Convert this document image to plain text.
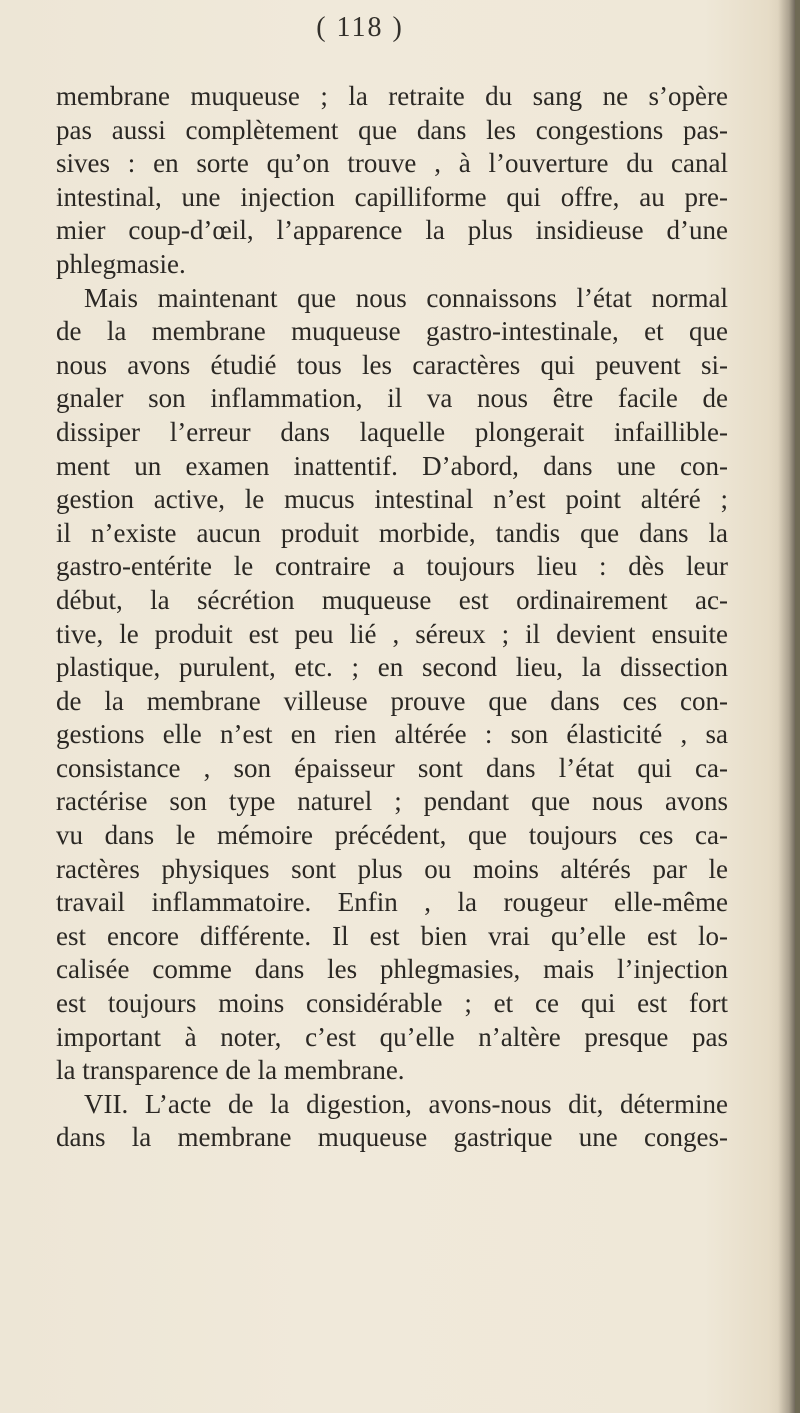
( 118 )
membrane muqueuse ; la retraite du sang ne s’opère
pas aussi complètement que dans les congestions pas-
sives : en sorte qu’on trouve , à l’ouverture du canal
intestinal, une injection capilliforme qui offre, au pre-
mier coup-d’œil, l’apparence la plus insidieuse d’une
phlegmasie.
Mais maintenant que nous connaissons l’état normal
de la membrane muqueuse gastro-intestinale, et que
nous avons étudié tous les caractères qui peuvent si-
gnaler son inflammation, il va nous être facile de
dissiper l’erreur dans laquelle plongerait infaillible-
ment un examen inattentif. D’abord, dans une con-
gestion active, le mucus intestinal n’est point altéré ;
il n’existe aucun produit morbide, tandis que dans la
gastro-entérite le contraire a toujours lieu : dès leur
début, la sécrétion muqueuse est ordinairement ac-
tive, le produit est peu lié , séreux ; il devient ensuite
plastique, purulent, etc. ; en second lieu, la dissection
de la membrane villeuse prouve que dans ces con-
gestions elle n’est en rien altérée : son élasticité , sa
consistance , son épaisseur sont dans l’état qui ca-
ractérise son type naturel ; pendant que nous avons
vu dans le mémoire précédent, que toujours ces ca-
ractères physiques sont plus ou moins altérés par le
travail inflammatoire. Enfin , la rougeur elle-même
est encore différente. Il est bien vrai qu’elle est lo-
calisée comme dans les phlegmasies, mais l’injection
est toujours moins considérable ; et ce qui est fort
important à noter, c’est qu’elle n’altère presque pas
la transparence de la membrane.
VII. L’acte de la digestion, avons-nous dit, détermine
dans la membrane muqueuse gastrique une conges-
